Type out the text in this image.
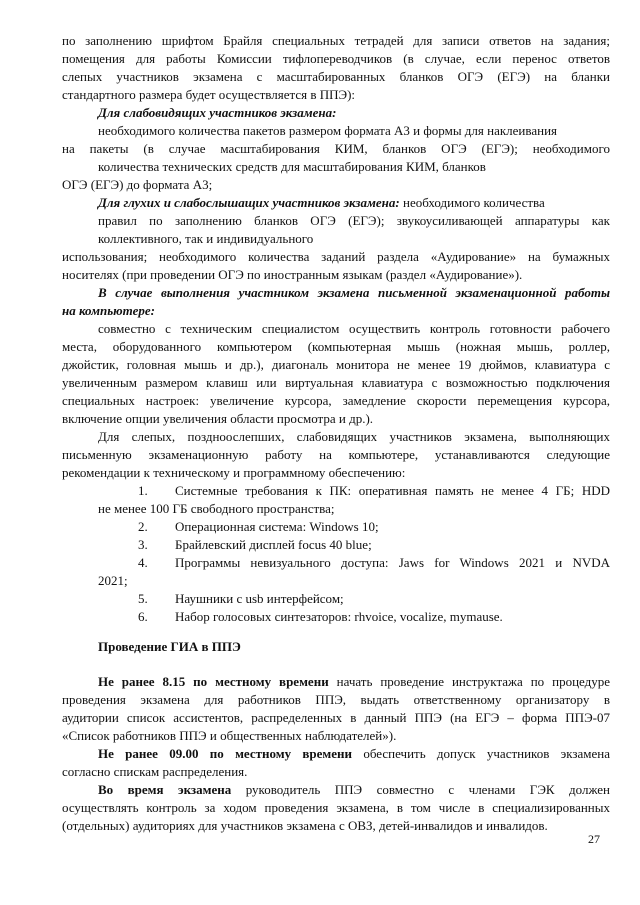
по заполнению шрифтом Брайля специальных тетрадей для записи ответов на задания;
помещения для работы Комиссии тифлопереводчиков (в случае, если перенос ответов
слепых участников экзамена с масштабированных бланков ОГЭ (ЕГЭ) на бланки
стандартного размера будет осуществляется в ППЭ):
Для слабовидящих участников экзамена:
необходимого количества пакетов размером формата А3 и формы для наклеивания
на пакеты (в случае масштабирования КИМ, бланков ОГЭ (ЕГЭ); необходимого
количества технических средств для масштабирования КИМ, бланков
ОГЭ (ЕГЭ) до формата А3;
Для глухих и слабослышащих участников экзамена: необходимого количества
правил по заполнению бланков ОГЭ (ЕГЭ); звукоусиливающей аппаратуры как
коллективного, так и индивидуального
использования; необходимого количества заданий раздела «Аудирование» на бумажных
носителях (при проведении ОГЭ по иностранным языкам (раздел «Аудирование»).
В случае выполнения участником экзамена письменной экзаменационной работы
на компьютере:
совместно с техническим специалистом осуществить контроль готовности рабочего
места, оборудованного компьютером (компьютерная мышь (ножная мышь, роллер,
джойстик, головная мышь и др.), диагональ монитора не менее 19 дюймов, клавиатура с
увеличенным размером клавиш или виртуальная клавиатура с возможностью подключения
специальных настроек: увеличение курсора, замедление скорости перемещения курсора,
включение опции увеличения области просмотра и др.).
Для слепых, поздноослепших, слабовидящих участников экзамена, выполняющих
письменную экзаменационную работу на компьютере, устанавливаются следующие
рекомендации к техническому и программному обеспечению:
1. Системные требования к ПК: оперативная память не менее 4 ГБ; HDD
не менее 100 ГБ свободного пространства;
2. Операционная система: Windows 10;
3. Брайлевский дисплей focus 40 blue;
4. Программы невизуального доступа: Jaws for Windows 2021 и NVDA
2021;
5. Наушники с usb интерфейсом;
6. Набор голосовых синтезаторов: rhvoice, vocalize, mymause.
Проведение ГИА в ППЭ
Не ранее 8.15 по местному времени начать проведение инструктажа по процедуре
проведения экзамена для работников ППЭ, выдать ответственному организатору в
аудитории список ассистентов, распределенных в данный ППЭ (на ЕГЭ – форма ППЭ-07
«Список работников ППЭ и общественных наблюдателей»).
Не ранее 09.00 по местному времени обеспечить допуск участников экзамена
согласно спискам распределения.
Во время экзамена руководитель ППЭ совместно с членами ГЭК должен
осуществлять контроль за ходом проведения экзамена, в том числе в специализированных
(отдельных) аудиториях для участников экзамена с ОВЗ, детей-инвалидов и инвалидов.
27
